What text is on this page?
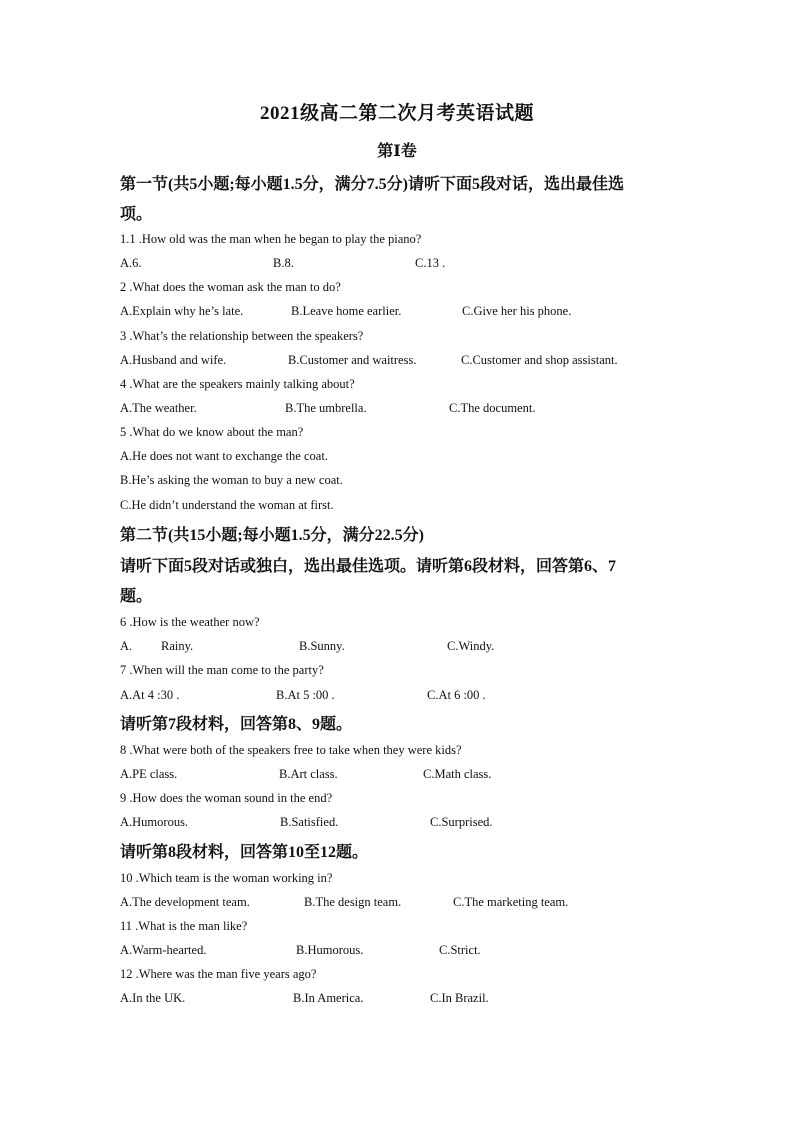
2021级高二第二次月考英语试题
第Ⅰ卷
第一节(共5小题;每小题1.5分，满分7.5分)请听下面5段对话，选出最佳选
项。
1.1 .How old was the man when he began to play the piano?
A.6.	B.8.	C.13 .
2 .What does the woman ask the man to do?
A.Explain why he’s late.	B.Leave home earlier.	C.Give her his phone.
3 .What’s the relationship between the speakers?
A.Husband and wife.	B.Customer and waitress.	C.Customer and shop assistant.
4 .What are the speakers mainly talking about?
A.The weather.	B.The umbrella.	C.The document.
5 .What do we know about the man?
A.He does not want to exchange the coat.
B.He’s asking the woman to buy a new coat.
C.He didn’t understand the woman at first.
第二节(共15小题;每小题1.5分，满分22.5分)
请听下面5段对话或独白，选出最佳选项。请听第6段材料，回答第6、7
题。
6 .How is the weather now?
A. Rainy.	B.Sunny.	C.Windy.
7 .When will the man come to the party?
A.At 4 :30 .	B.At 5 :00 .	C.At 6 :00 .
请听第7段材料，回答第8、9题。
8 .What were both of the speakers free to take when they were kids?
A.PE class.	B.Art class.	C.Math class.
9 .How does the woman sound in the end?
A.Humorous.	B.Satisfied.	C.Surprised.
请听第8段材料，回答第10至12题。
10 .Which team is the woman working in?
A.The development team.	B.The design team.	C.The marketing team.
11 .What is the man like?
A.Warm-hearted.	B.Humorous.	C.Strict.
12 .Where was the man five years ago?
A.In the UK.	B.In America.	C.In Brazil.
